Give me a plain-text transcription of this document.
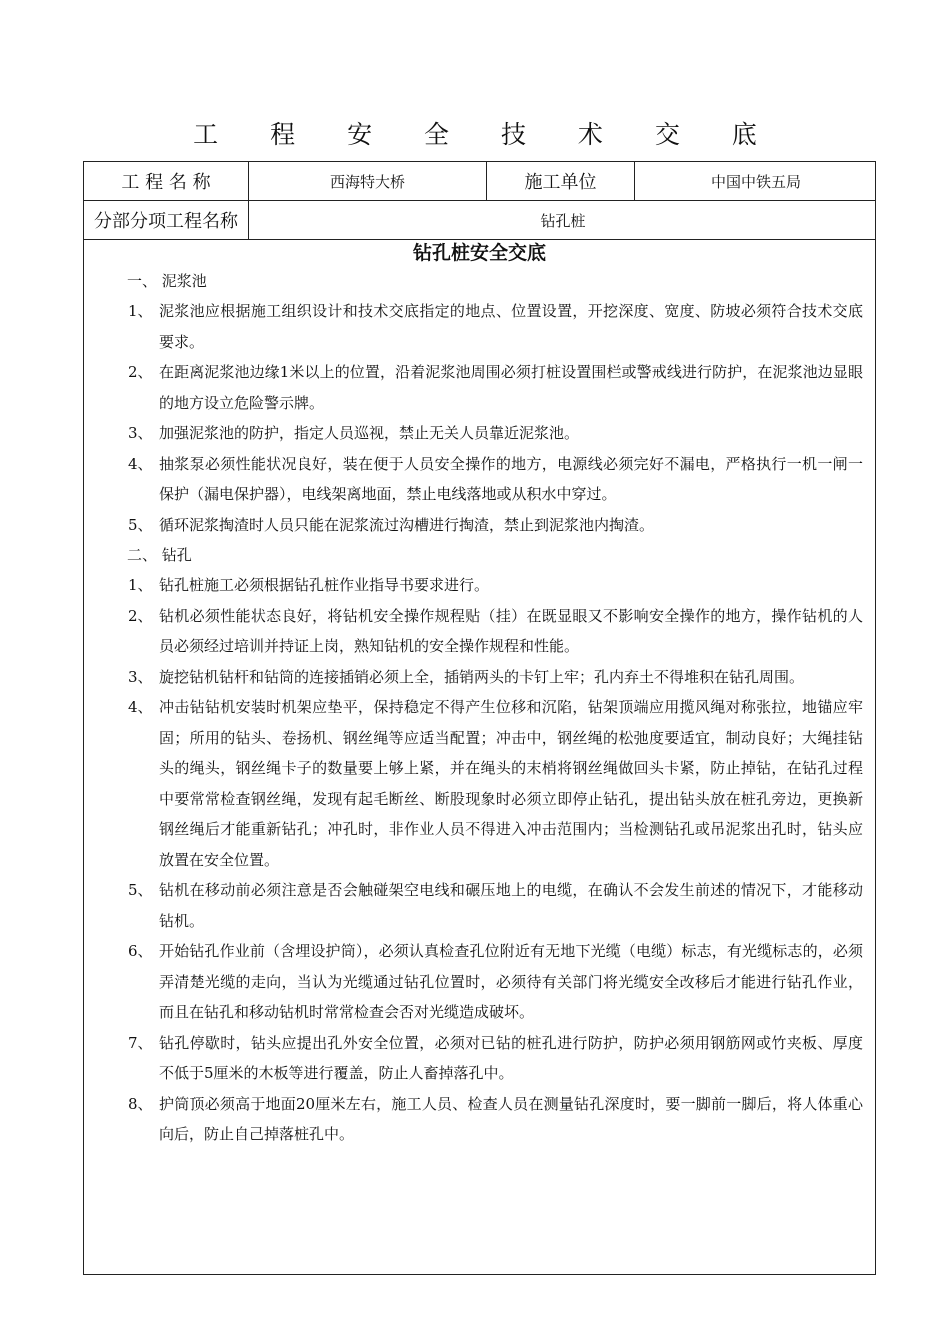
工 程 安 全 技 术 交 底
工 程 名 称	西海特大桥	施工单位	中国中铁五局
分部分项工程名称	钻孔桩
钻孔桩安全交底
一、 泥浆池
1、 泥浆池应根据施工组织设计和技术交底指定的地点、位置设置，开挖深度、宽度、防坡必须符合技术交底要求。
2、 在距离泥浆池边缘1米以上的位置，沿着泥浆池周围必须打桩设置围栏或警戒线进行防护，在泥浆池边显眼的地方设立危险警示牌。
3、 加强泥浆池的防护，指定人员巡视，禁止无关人员靠近泥浆池。
4、 抽浆泵必须性能状况良好，装在便于人员安全操作的地方，电源线必须完好不漏电，严格执行一机一闸一保护（漏电保护器），电线架离地面，禁止电线落地或从积水中穿过。
5、 循环泥浆掏渣时人员只能在泥浆流过沟槽进行掏渣，禁止到泥浆池内掏渣。
二、 钻孔
1、 钻孔桩施工必须根据钻孔桩作业指导书要求进行。
2、 钻机必须性能状态良好，将钻机安全操作规程贴（挂）在既显眼又不影响安全操作的地方，操作钻机的人员必须经过培训并持证上岗，熟知钻机的安全操作规程和性能。
3、 旋挖钻机钻杆和钻筒的连接插销必须上全，插销两头的卡钉上牢；孔内弃土不得堆积在钻孔周围。
4、 冲击钻钻机安装时机架应垫平，保持稳定不得产生位移和沉陷，钻架顶端应用揽风绳对称张拉，地锚应牢固；所用的钻头、卷扬机、钢丝绳等应适当配置；冲击中，钢丝绳的松弛度要适宜，制动良好；大绳挂钻头的绳头，钢丝绳卡子的数量要上够上紧，并在绳头的末梢将钢丝绳做回头卡紧，防止掉钻，在钻孔过程中要常常检查钢丝绳，发现有起毛断丝、断股现象时必须立即停止钻孔，提出钻头放在桩孔旁边，更换新钢丝绳后才能重新钻孔；冲孔时，非作业人员不得进入冲击范围内；当检测钻孔或吊泥浆出孔时，钻头应放置在安全位置。
5、 钻机在移动前必须注意是否会触碰架空电线和碾压地上的电缆，在确认不会发生前述的情况下，才能移动钻机。
6、 开始钻孔作业前（含埋设护筒），必须认真检查孔位附近有无地下光缆（电缆）标志，有光缆标志的，必须弄清楚光缆的走向，当认为光缆通过钻孔位置时，必须待有关部门将光缆安全改移后才能进行钻孔作业，而且在钻孔和移动钻机时常常检查会否对光缆造成破坏。
7、 钻孔停歇时，钻头应提出孔外安全位置，必须对已钻的桩孔进行防护，防护必须用钢筋网或竹夹板、厚度不低于5厘米的木板等进行覆盖，防止人畜掉落孔中。
8、 护筒顶必须高于地面20厘米左右，施工人员、检查人员在测量钻孔深度时，要一脚前一脚后，将人体重心向后，防止自己掉落桩孔中。
